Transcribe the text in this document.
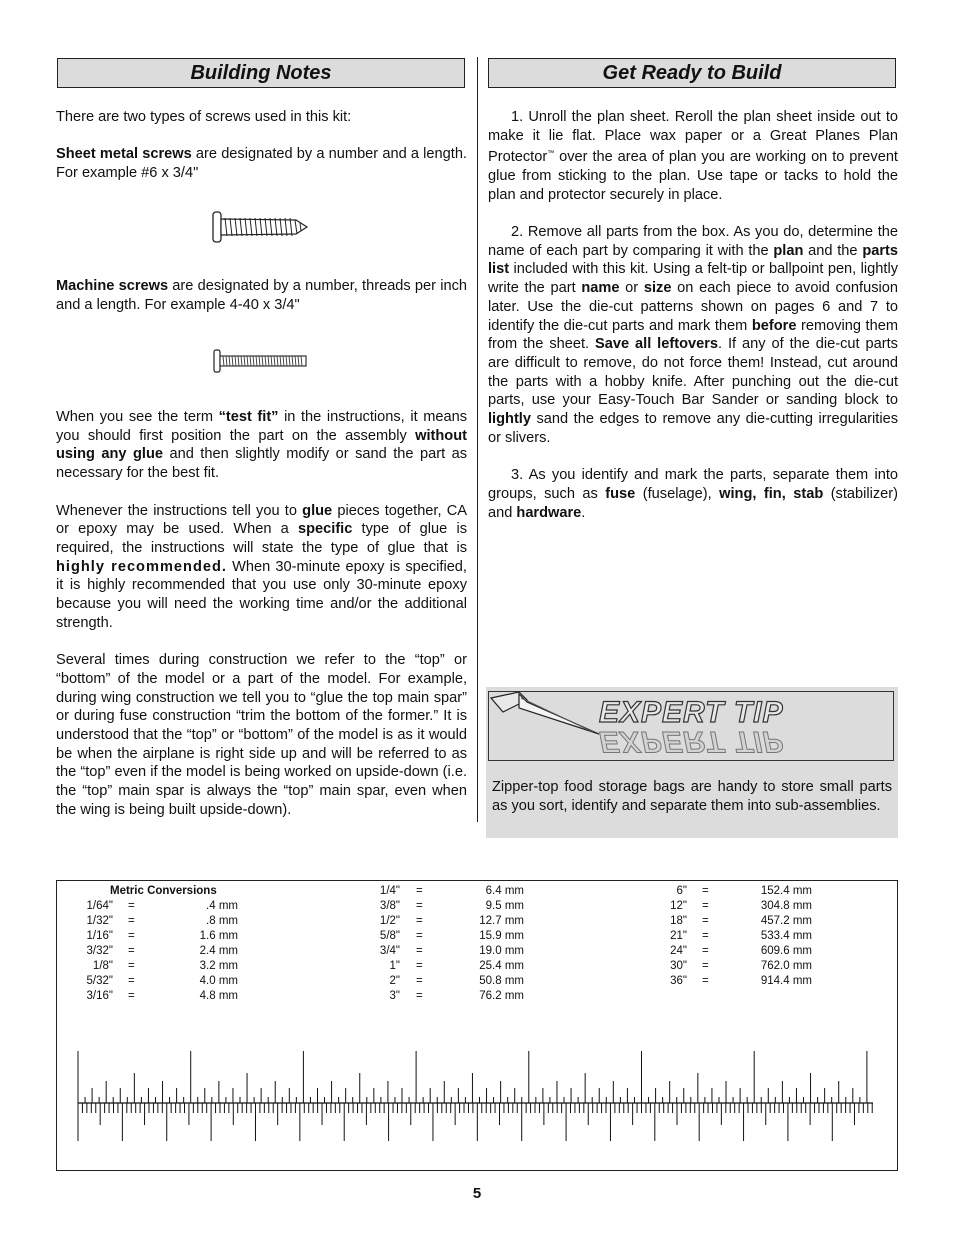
Building Notes

There are two types of screws used in this kit:

Sheet metal screws are designated by a number and a length. For example #6 x 3/4"

Machine screws are designated by a number, threads per inch and a length. For example 4-40 x 3/4"

When you see the term “test fit” in the instructions, it means you should first position the part on the assembly without using any glue and then slightly modify or sand the part as necessary for the best fit.

Whenever the instructions tell you to glue pieces together, CA or epoxy may be used. When a specific type of glue is required, the instructions will state the type of glue that is highly recommended. When 30-minute epoxy is specified, it is highly recommended that you use only 30-minute epoxy because you will need the working time and/or the additional strength.

Several times during construction we refer to the “top” or “bottom” of the model or a part of the model. For example, during wing construction we tell you to “glue the top main spar” or during fuse construction “trim the bottom of the former.” It is understood that the “top” or “bottom” of the model is as it would be when the airplane is right side up and will be referred to as the “top” even if the model is being worked on upside-down (i.e. the “top” main spar is always the “top” main spar, even when the wing is being built upside-down).

Get Ready to Build

1. Unroll the plan sheet. Reroll the plan sheet inside out to make it lie flat. Place wax paper or a Great Planes Plan Protector™ over the area of plan you are working on to prevent glue from sticking to the plan. Use tape or tacks to hold the plan and protector securely in place.

2. Remove all parts from the box. As you do, determine the name of each part by comparing it with the plan and the parts list included with this kit. Using a felt-tip or ballpoint pen, lightly write the part name or size on each piece to avoid confusion later. Use the die-cut patterns shown on pages 6 and 7 to identify the die-cut parts and mark them before removing them from the sheet. Save all leftovers. If any of the die-cut parts are difficult to remove, do not force them! Instead, cut around the parts with a hobby knife. After punching out the die-cut parts, use your Easy-Touch Bar Sander or sanding block to lightly sand the edges to remove any die-cutting irregularities or slivers.

3. As you identify and mark the parts, separate them into groups, such as fuse (fuselage), wing, fin, stab (stabilizer) and hardware.

EXPERT TIP
EXPERT TIP
Zipper-top food storage bags are handy to store small parts as you sort, identify and separate them into sub-assemblies.
Metric Conversions
1/64" =	.4 mm
1/32" =	.8 mm
1/16" =	1.6 mm
3/32" =	2.4 mm
1/8" =	3.2 mm
5/32" =	4.0 mm
3/16" =	4.8 mm
1/4" =	6.4 mm
3/8" =	9.5 mm
1/2" =	12.7 mm
5/8" =	15.9 mm
3/4" =	19.0 mm
1" =	25.4 mm
2" =	50.8 mm
3" =	76.2 mm
6" =	152.4 mm
12" =	304.8 mm
18" =	457.2 mm
21" =	533.4 mm
24" =	609.6 mm
30" =	762.0 mm
36" =	914.4 mm
5
